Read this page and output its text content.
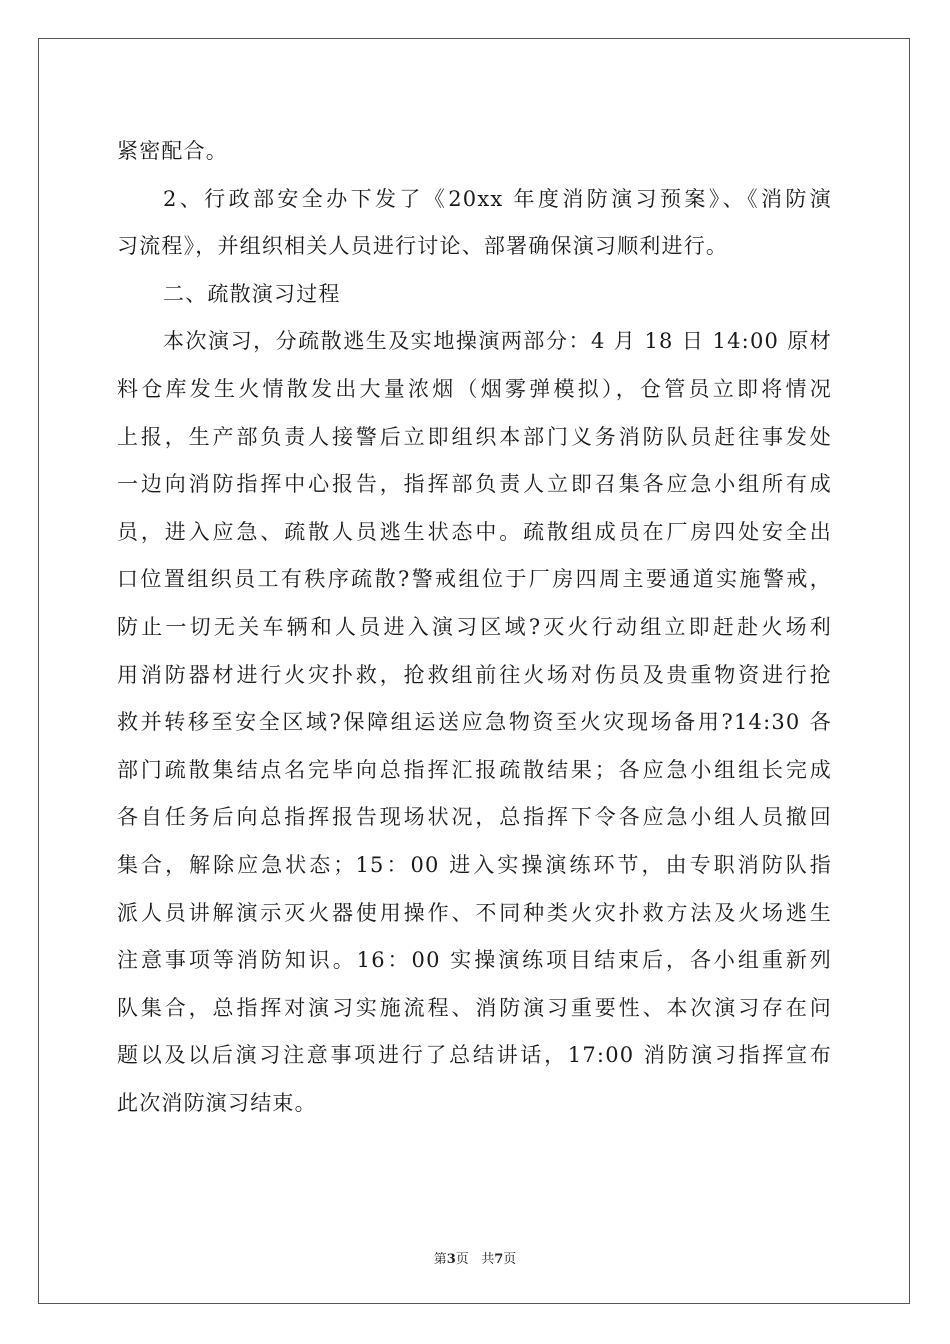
紧密配合。
2、行政部安全办下发了《20xx 年度消防演习预案》、《消防演
习流程》，并组织相关人员进行讨论、部署确保演习顺利进行。
二、疏散演习过程
本次演习，分疏散逃生及实地操演两部分：4 月 18 日 14:00 原材
料仓库发生火情散发出大量浓烟（烟雾弹模拟），仓管员立即将情况
上报，生产部负责人接警后立即组织本部门义务消防队员赶往事发处
一边向消防指挥中心报告，指挥部负责人立即召集各应急小组所有成
员，进入应急、疏散人员逃生状态中。疏散组成员在厂房四处安全出
口位置组织员工有秩序疏散?警戒组位于厂房四周主要通道实施警戒，
防止一切无关车辆和人员进入演习区域?灭火行动组立即赶赴火场利
用消防器材进行火灾扑救，抢救组前往火场对伤员及贵重物资进行抢
救并转移至安全区域?保障组运送应急物资至火灾现场备用?14:30 各
部门疏散集结点名完毕向总指挥汇报疏散结果；各应急小组组长完成
各自任务后向总指挥报告现场状况，总指挥下令各应急小组人员撤回
集合，解除应急状态；15：00 进入实操演练环节，由专职消防队指
派人员讲解演示灭火器使用操作、不同种类火灾扑救方法及火场逃生
注意事项等消防知识。16：00 实操演练项目结束后，各小组重新列
队集合，总指挥对演习实施流程、消防演习重要性、本次演习存在问
题以及以后演习注意事项进行了总结讲话，17:00 消防演习指挥宣布
此次消防演习结束。
第3页 共7页
